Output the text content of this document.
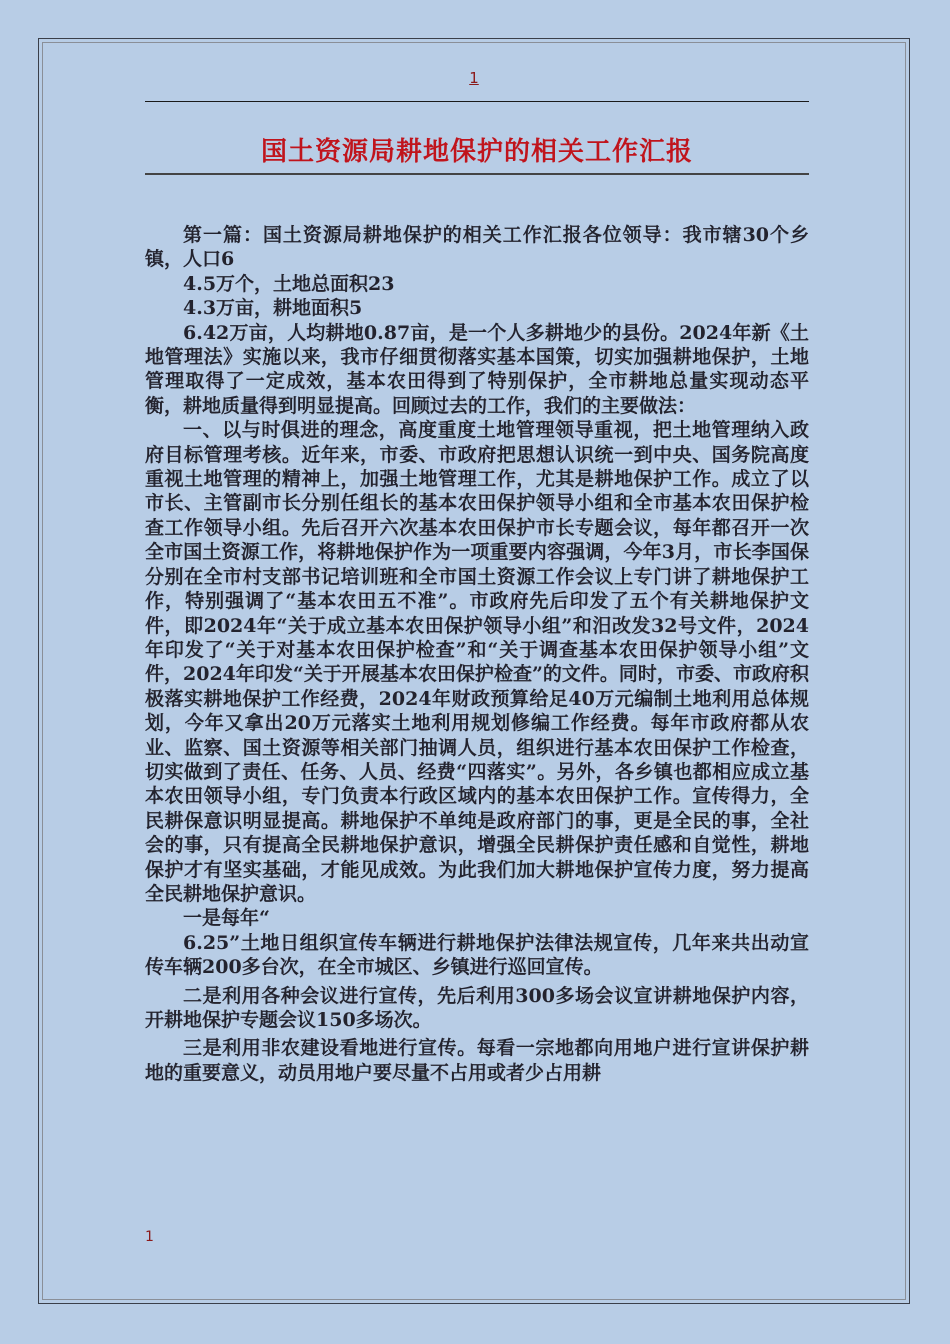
1
国土资源局耕地保护的相关工作汇报

第一篇：国土资源局耕地保护的相关工作汇报各位领导：我市辖30个乡镇，人口6

4.5万个，土地总面积23

4.3万亩，耕地面积5

6.42万亩，人均耕地0.87亩，是一个人多耕地少的县份。2024年新《土地管理法》实施以来，我市仔细贯彻落实基本国策，切实加强耕地保护，土地管理取得了一定成效，基本农田得到了特别保护，全市耕地总量实现动态平衡，耕地质量得到明显提高。回顾过去的工作，我们的主要做法：

一、以与时俱进的理念，高度重度土地管理领导重视，把土地管理纳入政府目标管理考核。近年来，市委、市政府把思想认识统一到中央、国务院高度重视土地管理的精神上，加强土地管理工作，尤其是耕地保护工作。成立了以市长、主管副市长分别任组长的基本农田保护领导小组和全市基本农田保护检查工作领导小组。先后召开六次基本农田保护市长专题会议，每年都召开一次全市国土资源工作，将耕地保护作为一项重要内容强调，今年3月，市长李国保分别在全市村支部书记培训班和全市国土资源工作会议上专门讲了耕地保护工作，特别强调了“基本农田五不准”。市政府先后印发了五个有关耕地保护文件，即2024年“关于成立基本农田保护领导小组”和汨改发32号文件，2024年印发了“关于对基本农田保护检查”和“关于调查基本农田保护领导小组”文件，2024年印发“关于开展基本农田保护检查”的文件。同时，市委、市政府积极落实耕地保护工作经费，2024年财政预算给足40万元编制土地利用总体规划，今年又拿出20万元落实土地利用规划修编工作经费。每年市政府都从农业、监察、国土资源等相关部门抽调人员，组织进行基本农田保护工作检查，切实做到了责任、任务、人员、经费“四落实”。另外，各乡镇也都相应成立基本农田领导小组，专门负责本行政区域内的基本农田保护工作。宣传得力，全民耕保意识明显提高。耕地保护不单纯是政府部门的事，更是全民的事，全社会的事，只有提高全民耕地保护意识，增强全民耕保护责任感和自觉性，耕地保护才有坚实基础，才能见成效。为此我们加大耕地保护宣传力度，努力提高全民耕地保护意识。

一是每年“

6.25”土地日组织宣传车辆进行耕地保护法律法规宣传，几年来共出动宣传车辆200多台次，在全市城区、乡镇进行巡回宣传。

二是利用各种会议进行宣传，先后利用300多场会议宣讲耕地保护内容，开耕地保护专题会议150多场次。

三是利用非农建设看地进行宣传。每看一宗地都向用地户进行宣讲保护耕地的重要意义，动员用地户要尽量不占用或者少占用耕

1
